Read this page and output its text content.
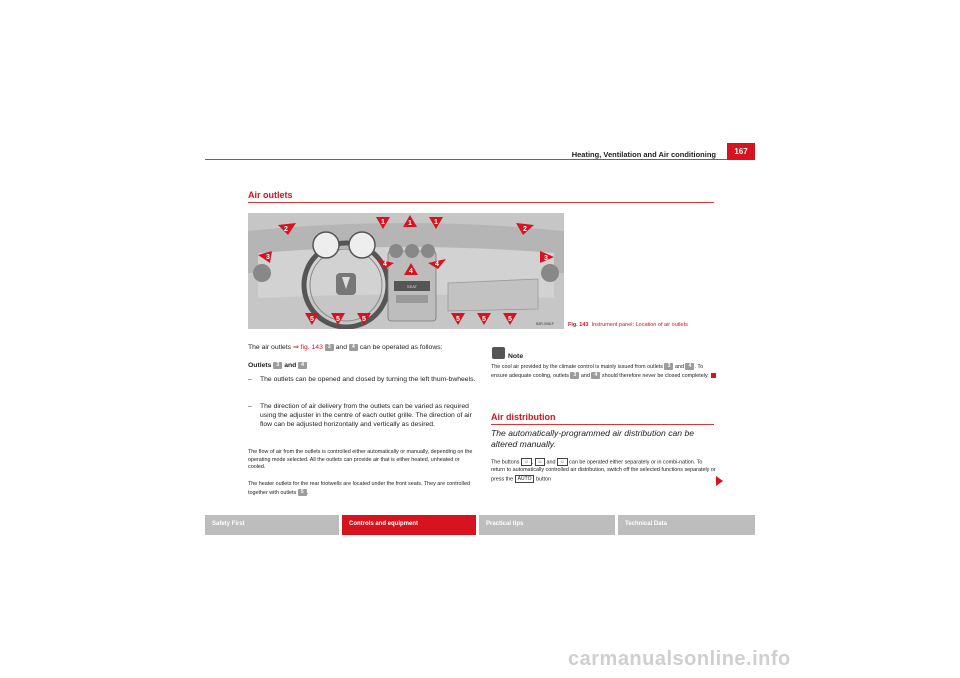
Heating, Ventilation and Air conditioning	167
Air outlets
1	1
1
2	2
3	3
4
4
4
5	5	5	5	5	5
SEAT
B3R-0061F	Fig. 143 Instrument panel: Location of air outlets
The air outlets ⇒ fig. 143 3 and 4 can be operated as follows:
Outlets 3 and 4
– The outlets can be opened and closed by turning the left thum-bwheels.
– The direction of air delivery from the outlets can be varied as required using the adjuster in the centre of each outlet grille. The direction of air flow can be adjusted horizontally and vertically as desired.
The flow of air from the outlets is controlled either automatically or manually, depending on the operating mode selected. All the outlets can provide air that is either heated, unheated or cooled.
The heater outlets for the rear footwells are located under the front seats. They are controlled together with outlets 5 .
Note
The cool air provided by the climate control is mainly issued from outlets 3 and 4 . To ensure adequate cooling, outlets 3 and 4 should therefore never be closed completely.
Air distribution
The automatically-programmed air distribution can be altered manually.
The buttons ☼ , ♨ and ☼ can be operated either separately or in combi-nation. To return to automatically controlled air distribution, switch off the selected functions separately or press the AUTO button
Safety First	Controls and equipment	Practical tips	Technical Data
carmanualsonline.info
